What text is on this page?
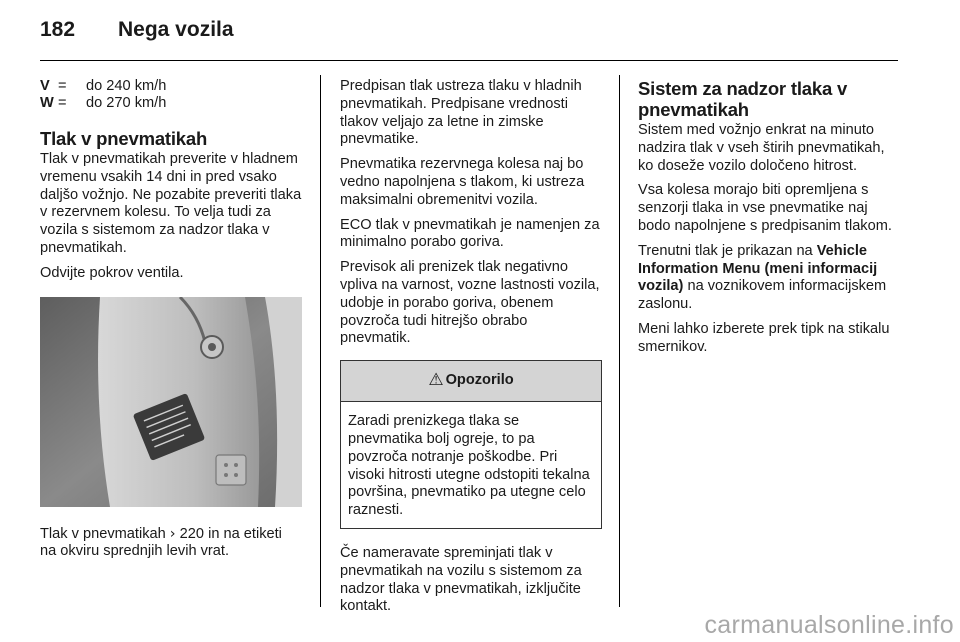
182 Nega vozila
V =	do 240 km/h
W =	do 270 km/h
Tlak v pnevmatikah

Tlak v pnevmatikah preverite v hladnem vremenu vsakih 14 dni in pred vsako daljšo vožnjo. Ne pozabite preveriti tlaka v rezervnem kolesu. To velja tudi za vozila s sistemom za nadzor tlaka v pnevmatikah.

Odvijte pokrov ventila.

Tlak v pnevmatikah › 220 in na etiketi na okviru sprednjih levih vrat.

Predpisan tlak ustreza tlaku v hladnih pnevmatikah. Predpisane vrednosti tlakov veljajo za letne in zimske pnevmatike.

Pnevmatika rezervnega kolesa naj bo vedno napolnjena s tlakom, ki ustreza maksimalni obremenitvi vozila.

ECO tlak v pnevmatikah je namenjen za minimalno porabo goriva.

Previsok ali prenizek tlak negativno vpliva na varnost, vozne lastnosti vozila, udobje in porabo goriva, obenem povzroča tudi hitrejšo obrabo pnevmatik.

⚠ Opozorilo
Zaradi prenizkega tlaka se pnevmatika bolj ogreje, to pa povzroča notranje poškodbe. Pri visoki hitrosti utegne odstopiti tekalna površina, pnevmatiko pa utegne celo raznesti.

Če nameravate spreminjati tlak v pnevmatikah na vozilu s sistemom za nadzor tlaka v pnevmatikah, izključite kontakt.

Sistem za nadzor tlaka v pnevmatikah

Sistem med vožnjo enkrat na minuto nadzira tlak v vseh štirih pnevmatikah, ko doseže vozilo določeno hitrost.

Vsa kolesa morajo biti opremljena s senzorji tlaka in vse pnevmatike naj bodo napolnjene s predpisanim tlakom.

Trenutni tlak je prikazan na Vehicle Information Menu (meni informacij vozila) na voznikovem informacijskem zaslonu.

Meni lahko izberete prek tipk na stikalu smernikov.

carmanualsonline.info
